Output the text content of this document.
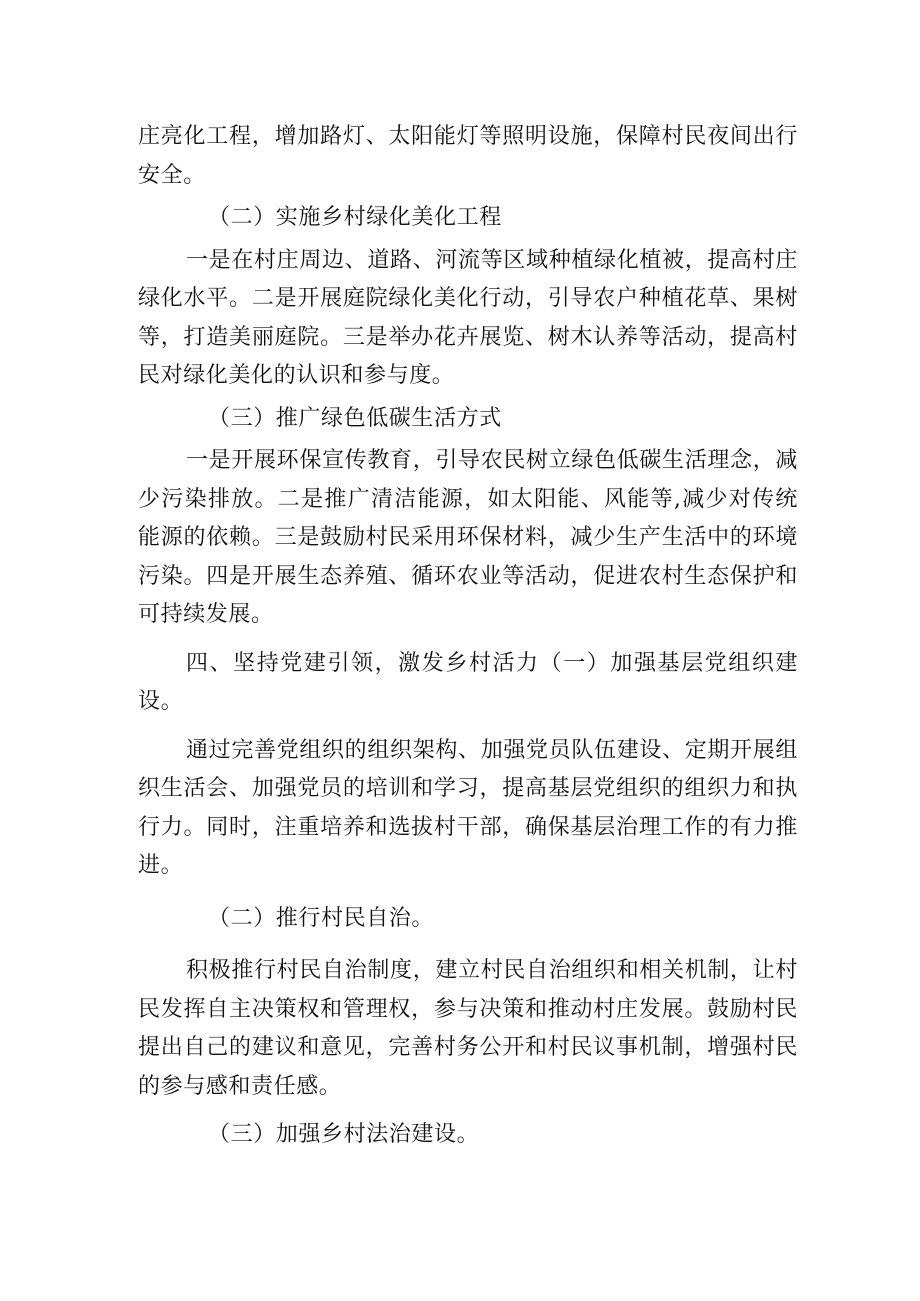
庄亮化工程，增加路灯、太阳能灯等照明设施，保障村民夜间出行安全。

（二）实施乡村绿化美化工程

一是在村庄周边、道路、河流等区域种植绿化植被，提高村庄绿化水平。二是开展庭院绿化美化行动，引导农户种植花草、果树等，打造美丽庭院。三是举办花卉展览、树木认养等活动，提高村民对绿化美化的认识和参与度。

（三）推广绿色低碳生活方式

一是开展环保宣传教育，引导农民树立绿色低碳生活理念，减少污染排放。二是推广清洁能源，如太阳能、风能等,减少对传统能源的依赖。三是鼓励村民采用环保材料，减少生产生活中的环境污染。四是开展生态养殖、循环农业等活动，促进农村生态保护和可持续发展。

四、坚持党建引领，激发乡村活力（一）加强基层党组织建设。

通过完善党组织的组织架构、加强党员队伍建设、定期开展组织生活会、加强党员的培训和学习，提高基层党组织的组织力和执行力。同时，注重培养和选拔村干部，确保基层治理工作的有力推进。

（二）推行村民自治。

积极推行村民自治制度，建立村民自治组织和相关机制，让村民发挥自主决策权和管理权，参与决策和推动村庄发展。鼓励村民提出自己的建议和意见，完善村务公开和村民议事机制，增强村民的参与感和责任感。

（三）加强乡村法治建设。
